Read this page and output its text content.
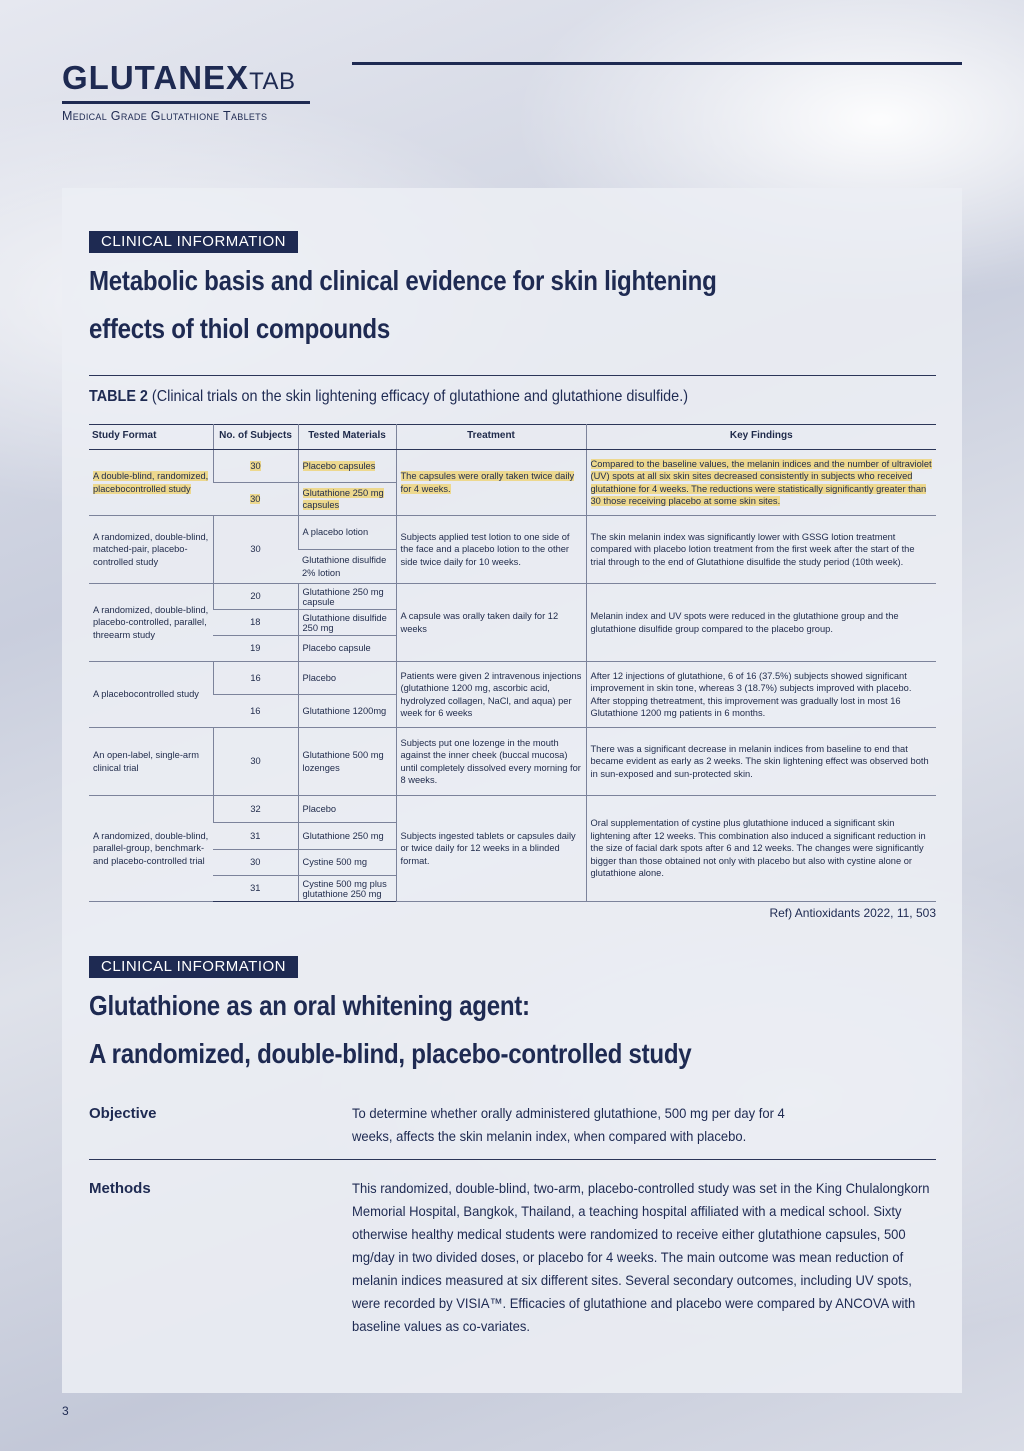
GLUTANEXTAB
Medical Grade Glutathione Tablets
CLINICAL INFORMATION
Metabolic basis and clinical evidence for skin lightening
effects of thiol compounds
TABLE 2 (Clinical trials on the skin lightening efficacy of glutathione and glutathione disulfide.)
Study Format	No. of Subjects	Tested Materials	Treatment	Key Findings
A double-blind, randomized, placebocontrolled study	30	Placebo capsules	The capsules were orally taken twice daily for 4 weeks.	Compared to the baseline values, the melanin indices and the number of ultraviolet (UV) spots at all six skin sites decreased consistently in subjects who received glutathione for 4 weeks. The reductions were statistically significantly greater than 30 those receiving placebo at some skin sites.
	30	Glutathione 250 mg capsules		
A randomized, double-blind, matched-pair, placebo-controlled study	30	A placebo lotion	Subjects applied test lotion to one side of the face and a placebo lotion to the other side twice daily for 10 weeks.	The skin melanin index was significantly lower with GSSG lotion treatment compared with placebo lotion treatment from the first week after the start of the trial through to the end of Glutathione disulfide the study period (10th week).
		Glutathione disulfide 2% lotion		
A randomized, double-blind, placebo-controlled, parallel, threearm study	20	Glutathione 250 mg capsule	A capsule was orally taken daily for 12 weeks	Melanin index and UV spots were reduced in the glutathione group and the glutathione disulfide group compared to the placebo group.
	18	Glutathione disulfide 250 mg		
	19	Placebo capsule		
A placebocontrolled study	16	Placebo	Patients were given 2 intravenous injections (glutathione 1200 mg, ascorbic acid, hydrolyzed collagen, NaCl, and aqua) per week for 6 weeks	After 12 injections of glutathione, 6 of 16 (37.5%) subjects showed significant improvement in skin tone, whereas 3 (18.7%) subjects improved with placebo. After stopping thetreatment, this improvement was gradually lost in most 16 Glutathione 1200 mg patients in 6 months.
	16	Glutathione 1200mg		
An open-label, single-arm clinical trial	30	Glutathione 500 mg lozenges	Subjects put one lozenge in the mouth against the inner cheek (buccal mucosa) until completely dissolved every morning for 8 weeks.	There was a significant decrease in melanin indices from baseline to end that became evident as early as 2 weeks. The skin lightening effect was observed both in sun-exposed and sun-protected skin.
A randomized, double-blind, parallel-group, benchmark- and placebo-controlled trial	32	Placebo	Subjects ingested tablets or capsules daily or twice daily for 12 weeks in a blinded format.	Oral supplementation of cystine plus glutathione induced a significant skin lightening after 12 weeks. This combination also induced a significant reduction in the size of facial dark spots after 6 and 12 weeks. The changes were significantly bigger than those obtained not only with placebo but also with cystine alone or glutathione alone.
	31	Glutathione 250 mg		
	30	Cystine 500 mg		
	31	Cystine 500 mg plus glutathione 250 mg		
Ref) Antioxidants 2022, 11, 503
CLINICAL INFORMATION
Glutathione as an oral whitening agent:
A randomized, double-blind, placebo-controlled study
Objective	To determine whether orally administered glutathione, 500 mg per day for 4 weeks, affects the skin melanin index, when compared with placebo.
Methods	This randomized, double-blind, two-arm, placebo-controlled study was set in the King Chulalongkorn Memorial Hospital, Bangkok, Thailand, a teaching hospital affiliated with a medical school. Sixty otherwise healthy medical students were randomized to receive either glutathione capsules, 500 mg/day in two divided doses, or placebo for 4 weeks. The main outcome was mean reduction of melanin indices measured at six different sites. Several secondary outcomes, including UV spots, were recorded by VISIA™. Efficacies of glutathione and placebo were compared by ANCOVA with baseline values as co-variates.
3
